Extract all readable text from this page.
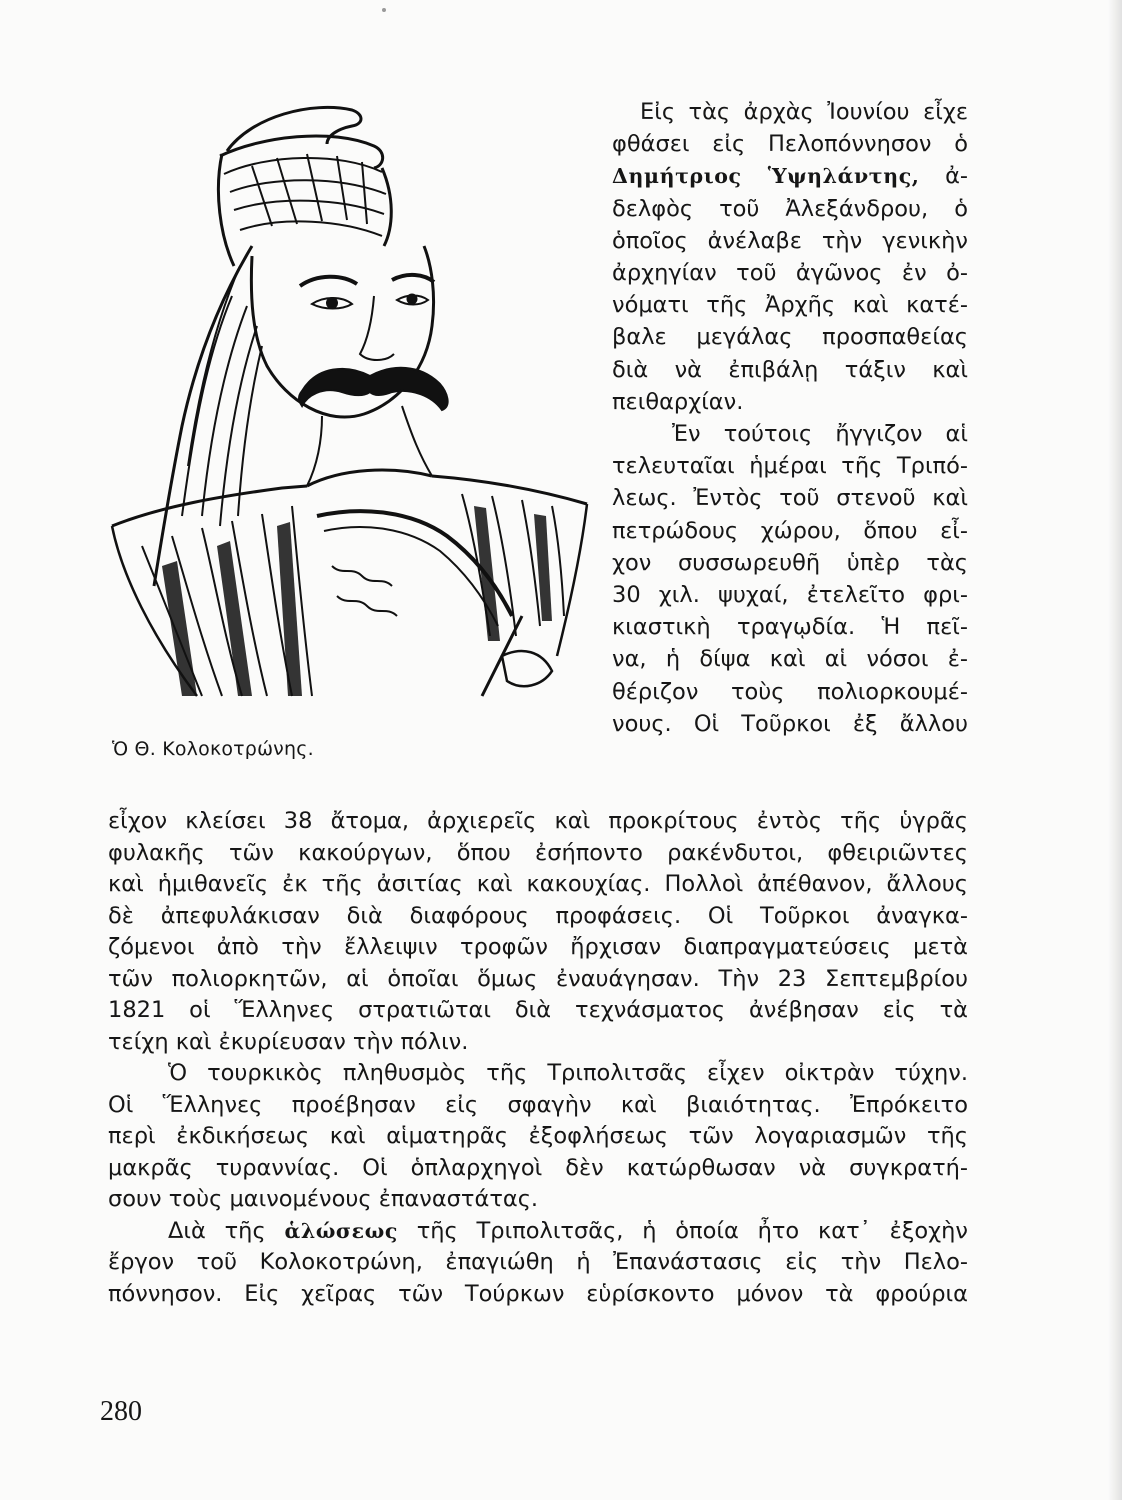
Ὁ Θ. Κολοκοτρώνης.
Εἰς τὰς ἀρχὰς Ἰουνίου εἶχε
φθάσει εἰς Πελοπόννησον ὁ
Δημήτριος Ὑψηλάντης, ἀ-
δελφὸς τοῦ Ἀλεξάνδρου, ὁ
ὁποῖος ἀνέλαβε τὴν γενικὴν
ἀρχηγίαν τοῦ ἀγῶνος ἐν ὀ-
νόματι τῆς Ἀρχῆς καὶ κατέ-
βαλε μεγάλας προσπαθείας
διὰ νὰ ἐπιβάλῃ τάξιν καὶ
πειθαρχίαν.
Ἐν τούτοις ἤγγιζον αἱ
τελευταῖαι ἡμέραι τῆς Τριπό-
λεως. Ἐντὸς τοῦ στενοῦ καὶ
πετρώδους χώρου, ὅπου εἶ-
χον συσσωρευθῆ ὑπὲρ τὰς
30 χιλ. ψυχαί, ἐτελεῖτο φρι-
κιαστικὴ τραγῳδία. Ἡ πεῖ-
να, ἡ δίψα καὶ αἱ νόσοι ἐ-
θέριζον τοὺς πολιορκουμέ-
νους. Οἱ Τοῦρκοι ἐξ ἄλλου
εἶχον κλείσει 38 ἄτομα, ἀρχιερεῖς καὶ προκρίτους ἐντὸς τῆς ὑγρᾶς
φυλακῆς τῶν κακούργων, ὅπου ἐσήποντο ρακένδυτοι, φθειριῶντες
καὶ ἡμιθανεῖς ἐκ τῆς ἀσιτίας καὶ κακουχίας. Πολλοὶ ἀπέθανον, ἄλλους
δὲ ἀπεφυλάκισαν διὰ διαφόρους προφάσεις. Οἱ Τοῦρκοι ἀναγκα-
ζόμενοι ἀπὸ τὴν ἔλλειψιν τροφῶν ἤρχισαν διαπραγματεύσεις μετὰ
τῶν πολιορκητῶν, αἱ ὁποῖαι ὅμως ἐναυάγησαν. Τὴν 23 Σεπτεμβρίου
1821 οἱ Ἕλληνες στρατιῶται διὰ τεχνάσματος ἀνέβησαν εἰς τὰ
τείχη καὶ ἐκυρίευσαν τὴν πόλιν.
Ὁ τουρκικὸς πληθυσμὸς τῆς Τριπολιτσᾶς εἶχεν οἰκτρὰν τύχην.
Οἱ Ἕλληνες προέβησαν εἰς σφαγὴν καὶ βιαιότητας. Ἐπρόκειτο
περὶ ἐκδικήσεως καὶ αἱματηρᾶς ἐξοφλήσεως τῶν λογαριασμῶν τῆς
μακρᾶς τυραννίας. Οἱ ὁπλαρχηγοὶ δὲν κατώρθωσαν νὰ συγκρατή-
σουν τοὺς μαινομένους ἐπαναστάτας.
Διὰ τῆς ἁλώσεως τῆς Τριπολιτσᾶς, ἡ ὁποία ἦτο κατ᾽ ἐξοχὴν
ἔργον τοῦ Κολοκοτρώνη, ἐπαγιώθη ἡ Ἐπανάστασις εἰς τὴν Πελο-
πόννησον. Εἰς χεῖρας τῶν Τούρκων εὑρίσκοντο μόνον τὰ φρούρια
280
